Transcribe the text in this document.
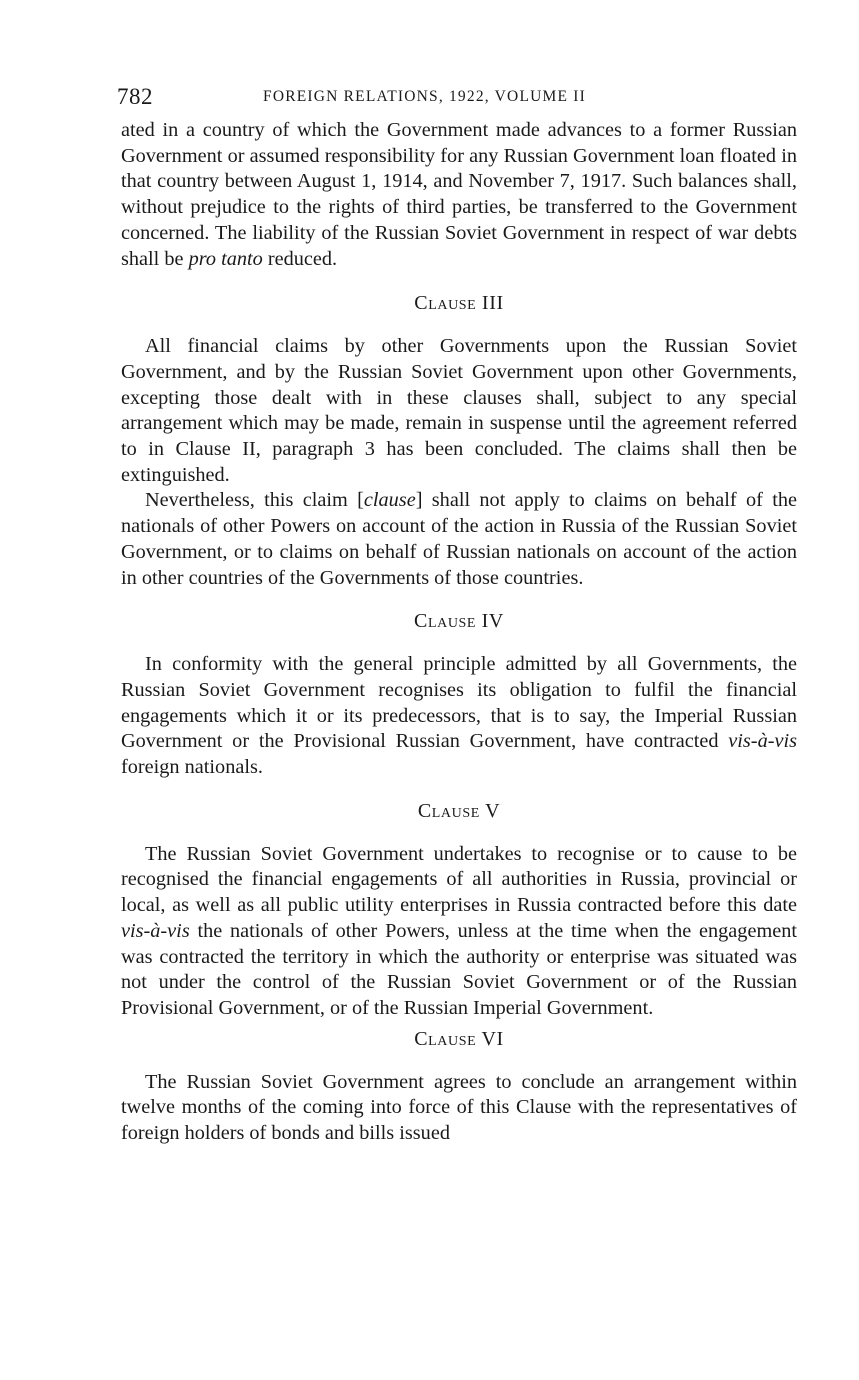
782	FOREIGN RELATIONS, 1922, VOLUME II

ated in a country of which the Government made advances to a former Russian Government or assumed responsibility for any Russian Government loan floated in that country between August 1, 1914, and November 7, 1917. Such balances shall, without prejudice to the rights of third parties, be transferred to the Government concerned. The liability of the Russian Soviet Government in respect of war debts shall be pro tanto reduced.

Clause III

All financial claims by other Governments upon the Russian Soviet Government, and by the Russian Soviet Government upon other Governments, excepting those dealt with in these clauses shall, subject to any special arrangement which may be made, remain in suspense until the agreement referred to in Clause II, paragraph 3 has been concluded. The claims shall then be extinguished.

Nevertheless, this claim [clause] shall not apply to claims on behalf of the nationals of other Powers on account of the action in Russia of the Russian Soviet Government, or to claims on behalf of Russian nationals on account of the action in other countries of the Governments of those countries.

Clause IV

In conformity with the general principle admitted by all Governments, the Russian Soviet Government recognises its obligation to fulfil the financial engagements which it or its predecessors, that is to say, the Imperial Russian Government or the Provisional Russian Government, have contracted vis-à-vis foreign nationals.

Clause V

The Russian Soviet Government undertakes to recognise or to cause to be recognised the financial engagements of all authorities in Russia, provincial or local, as well as all public utility enterprises in Russia contracted before this date vis-à-vis the nationals of other Powers, unless at the time when the engagement was contracted the territory in which the authority or enterprise was situated was not under the control of the Russian Soviet Government or of the Russian Provisional Government, or of the Russian Imperial Government.

Clause VI

The Russian Soviet Government agrees to conclude an arrangement within twelve months of the coming into force of this Clause with the representatives of foreign holders of bonds and bills issued
